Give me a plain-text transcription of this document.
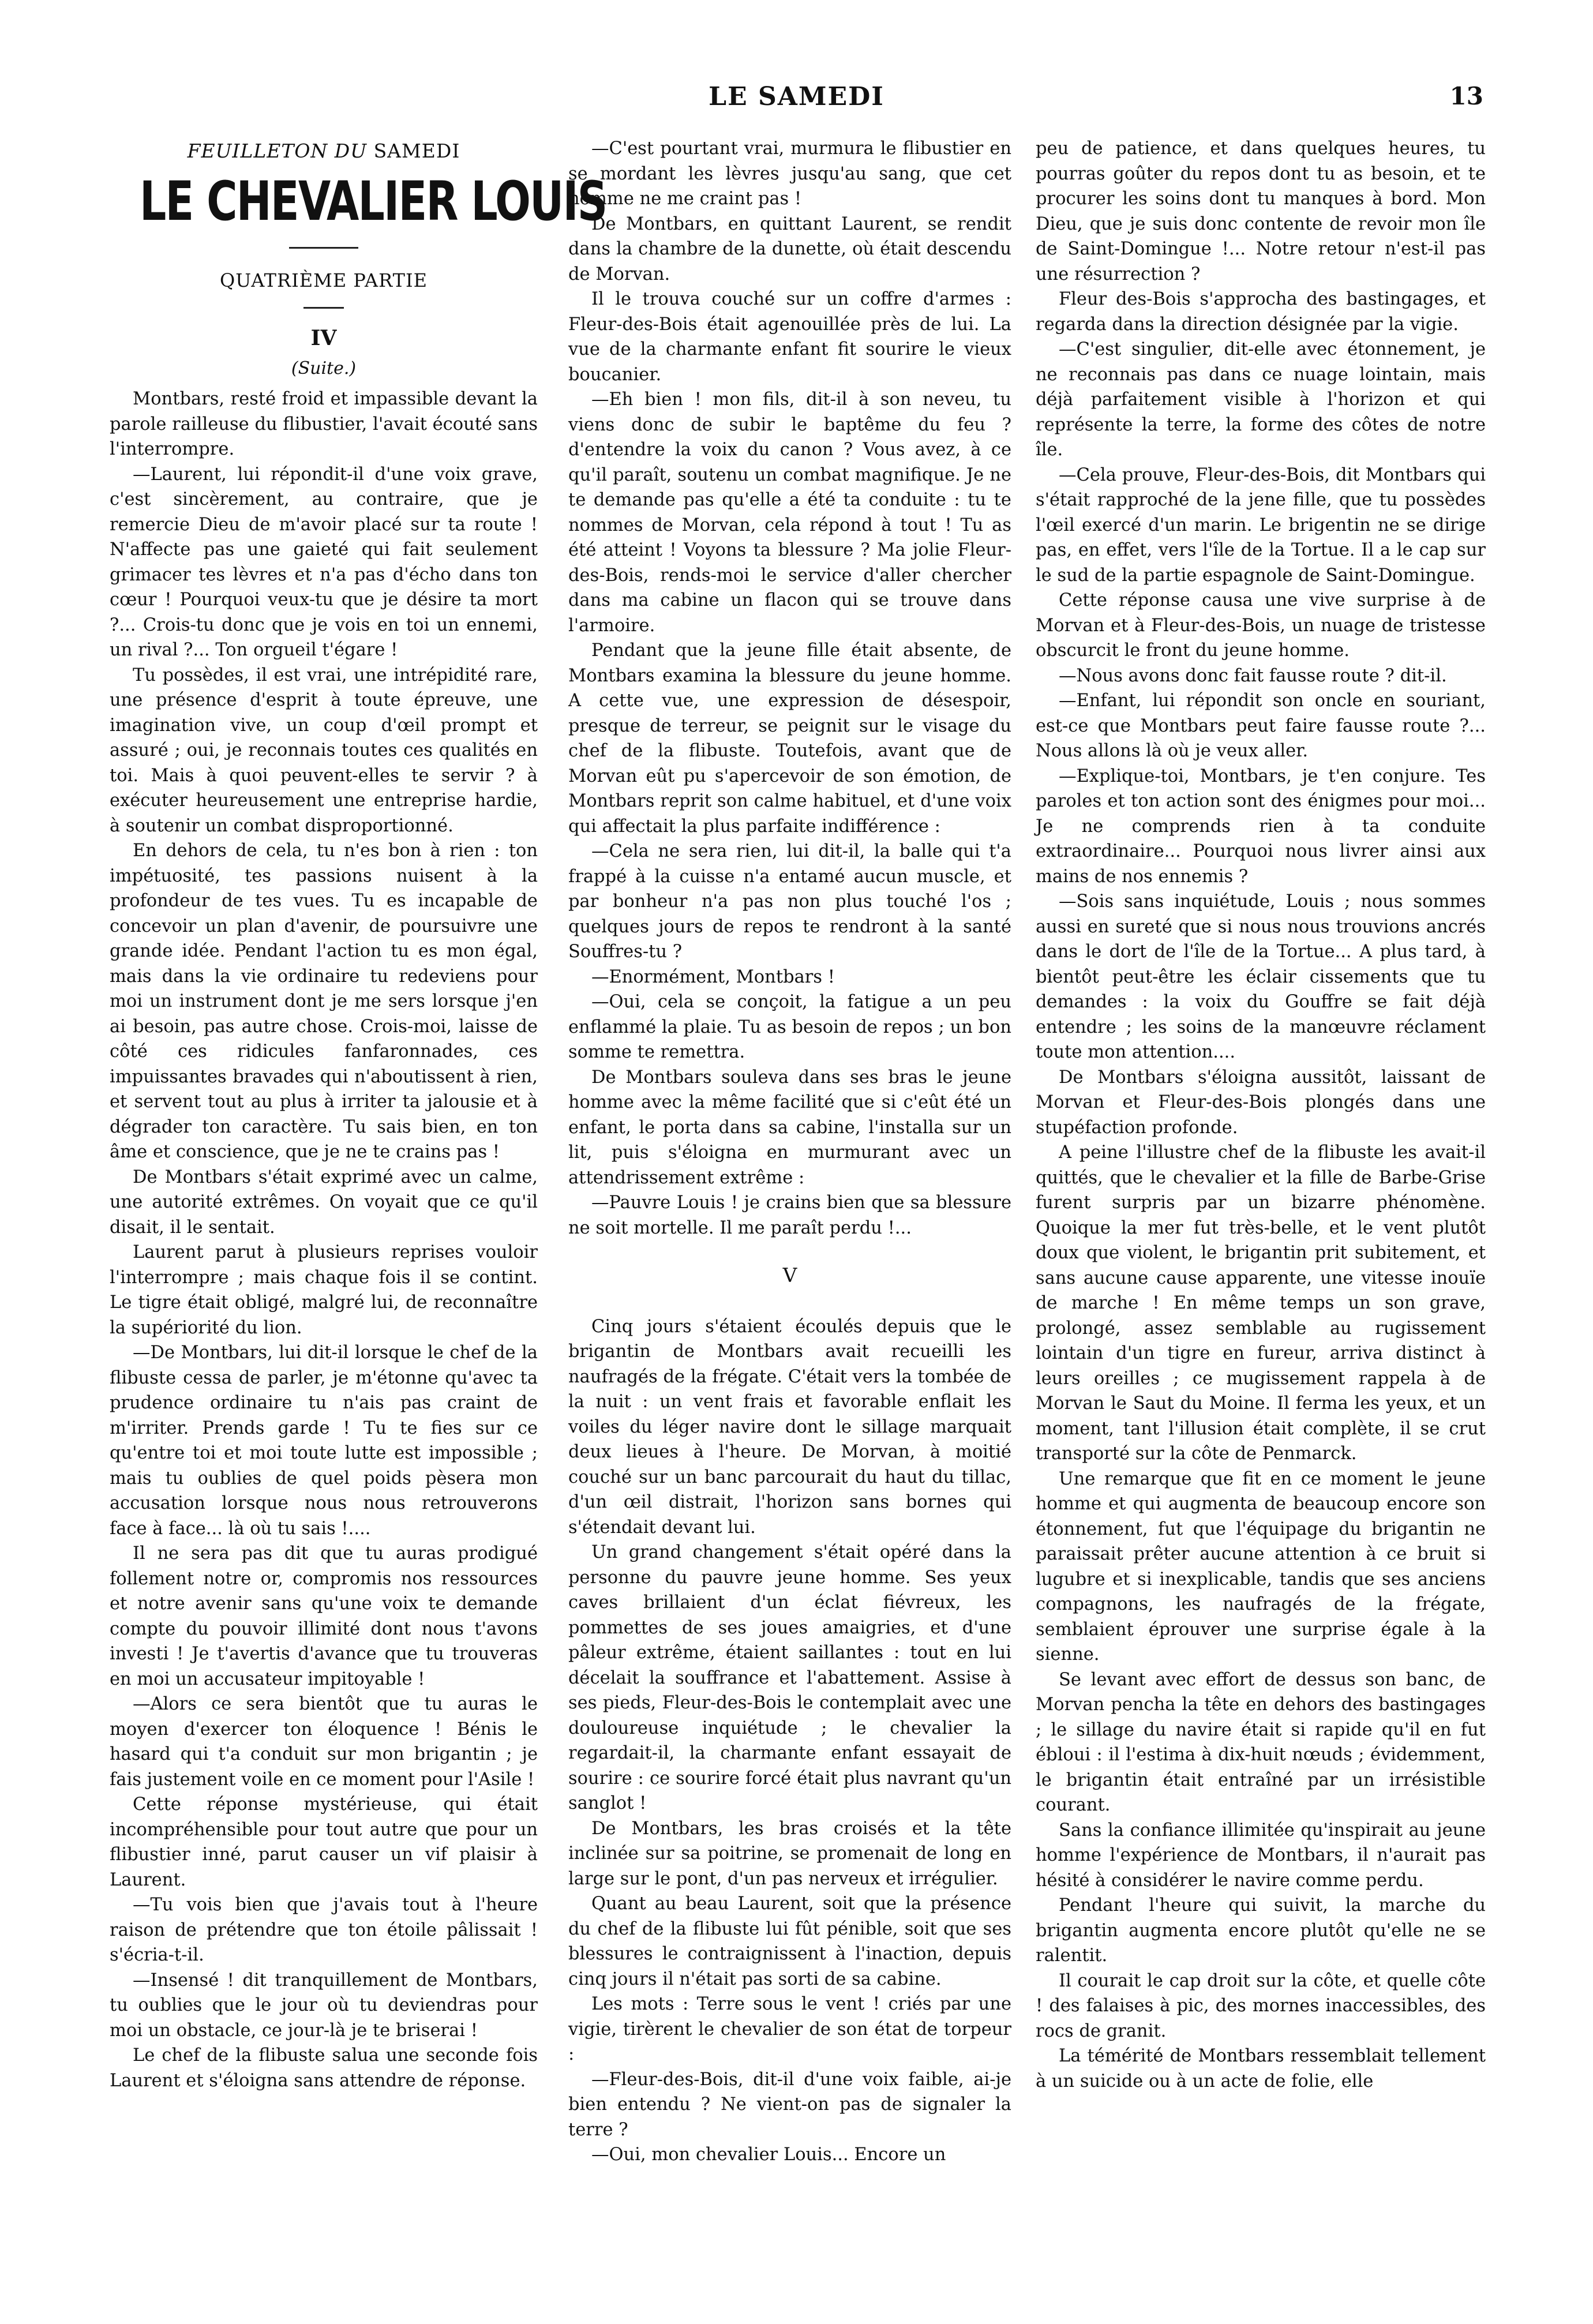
LE SAMEDI	13
FEUILLETON DU SAMEDI
LE CHEVALIER LOUIS
QUATRIÈME PARTIE
IV
(Suite.)

Montbars, resté froid et impassible devant la parole railleuse du flibustier, l'avait écouté sans l'interrompre.

—Laurent, lui répondit-il d'une voix grave, c'est sincèrement, au contraire, que je remercie Dieu de m'avoir placé sur ta route ! N'affecte pas une gaieté qui fait seulement grimacer tes lèvres et n'a pas d'écho dans ton cœur ! Pourquoi veux-tu que je désire ta mort ?... Crois-tu donc que je vois en toi un ennemi, un rival ?... Ton orgueil t'égare !

Tu possèdes, il est vrai, une intrépidité rare, une présence d'esprit à toute épreuve, une imagination vive, un coup d'œil prompt et assuré ; oui, je reconnais toutes ces qualités en toi. Mais à quoi peuvent-elles te servir ? à exécuter heureusement une entreprise hardie, à soutenir un combat disproportionné.

En dehors de cela, tu n'es bon à rien : ton impétuosité, tes passions nuisent à la profondeur de tes vues. Tu es incapable de concevoir un plan d'avenir, de poursuivre une grande idée. Pendant l'action tu es mon égal, mais dans la vie ordinaire tu redeviens pour moi un instrument dont je me sers lorsque j'en ai besoin, pas autre chose. Crois-moi, laisse de côté ces ridicules fanfaronnades, ces impuissantes bravades qui n'aboutissent à rien, et servent tout au plus à irriter ta jalousie et à dégrader ton caractère. Tu sais bien, en ton âme et conscience, que je ne te crains pas !

De Montbars s'était exprimé avec un calme, une autorité extrêmes. On voyait que ce qu'il disait, il le sentait.

Laurent parut à plusieurs reprises vouloir l'interrompre ; mais chaque fois il se contint. Le tigre était obligé, malgré lui, de reconnaître la supériorité du lion.

—De Montbars, lui dit-il lorsque le chef de la flibuste cessa de parler, je m'étonne qu'avec ta prudence ordinaire tu n'ais pas craint de m'irriter. Prends garde ! Tu te fies sur ce qu'entre toi et moi toute lutte est impossible ; mais tu oublies de quel poids pèsera mon accusation lorsque nous nous retrouverons face à face... là où tu sais !....

Il ne sera pas dit que tu auras prodigué follement notre or, compromis nos ressources et notre avenir sans qu'une voix te demande compte du pouvoir illimité dont nous t'avons investi ! Je t'avertis d'avance que tu trouveras en moi un accusateur impitoyable !

—Alors ce sera bientôt que tu auras le moyen d'exercer ton éloquence ! Bénis le hasard qui t'a conduit sur mon brigantin ; je fais justement voile en ce moment pour l'Asile !

Cette réponse mystérieuse, qui était incompréhensible pour tout autre que pour un flibustier inné, parut causer un vif plaisir à Laurent.

—Tu vois bien que j'avais tout à l'heure raison de prétendre que ton étoile pâlissait ! s'écria-t-il.

—Insensé ! dit tranquillement de Montbars, tu oublies que le jour où tu deviendras pour moi un obstacle, ce jour-là je te briserai !

Le chef de la flibuste salua une seconde fois Laurent et s'éloigna sans attendre de réponse.

—C'est pourtant vrai, murmura le flibustier en se mordant les lèvres jusqu'au sang, que cet homme ne me craint pas !

De Montbars, en quittant Laurent, se rendit dans la chambre de la dunette, où était descendu de Morvan.

Il le trouva couché sur un coffre d'armes : Fleur-des-Bois était agenouillée près de lui. La vue de la charmante enfant fit sourire le vieux boucanier.

—Eh bien ! mon fils, dit-il à son neveu, tu viens donc de subir le baptême du feu ? d'entendre la voix du canon ? Vous avez, à ce qu'il paraît, soutenu un combat magnifique. Je ne te demande pas qu'elle a été ta conduite : tu te nommes de Morvan, cela répond à tout ! Tu as été atteint ! Voyons ta blessure ? Ma jolie Fleur-des-Bois, rends-moi le service d'aller chercher dans ma cabine un flacon qui se trouve dans l'armoire.

Pendant que la jeune fille était absente, de Montbars examina la blessure du jeune homme. A cette vue, une expression de désespoir, presque de terreur, se peignit sur le visage du chef de la flibuste. Toutefois, avant que de Morvan eût pu s'apercevoir de son émotion, de Montbars reprit son calme habituel, et d'une voix qui affectait la plus parfaite indifférence :

—Cela ne sera rien, lui dit-il, la balle qui t'a frappé à la cuisse n'a entamé aucun muscle, et par bonheur n'a pas non plus touché l'os ; quelques jours de repos te rendront à la santé Souffres-tu ?

—Enormément, Montbars !

—Oui, cela se conçoit, la fatigue a un peu enflammé la plaie. Tu as besoin de repos ; un bon somme te remettra.

De Montbars souleva dans ses bras le jeune homme avec la même facilité que si c'eût été un enfant, le porta dans sa cabine, l'installa sur un lit, puis s'éloigna en murmurant avec un attendrissement extrême :

—Pauvre Louis ! je crains bien que sa blessure ne soit mortelle. Il me paraît perdu !...

V

Cinq jours s'étaient écoulés depuis que le brigantin de Montbars avait recueilli les naufragés de la frégate. C'était vers la tombée de la nuit : un vent frais et favorable enflait les voiles du léger navire dont le sillage marquait deux lieues à l'heure. De Morvan, à moitié couché sur un banc parcourait du haut du tillac, d'un œil distrait, l'horizon sans bornes qui s'étendait devant lui.

Un grand changement s'était opéré dans la personne du pauvre jeune homme. Ses yeux caves brillaient d'un éclat fiévreux, les pommettes de ses joues amaigries, et d'une pâleur extrême, étaient saillantes : tout en lui décelait la souffrance et l'abattement. Assise à ses pieds, Fleur-des-Bois le contemplait avec une douloureuse inquiétude ; le chevalier la regardait-il, la charmante enfant essayait de sourire : ce sourire forcé était plus navrant qu'un sanglot !

De Montbars, les bras croisés et la tête inclinée sur sa poitrine, se promenait de long en large sur le pont, d'un pas nerveux et irrégulier.

Quant au beau Laurent, soit que la présence du chef de la flibuste lui fût pénible, soit que ses blessures le contraignissent à l'inaction, depuis cinq jours il n'était pas sorti de sa cabine.

Les mots : Terre sous le vent ! criés par une vigie, tirèrent le chevalier de son état de torpeur :

—Fleur-des-Bois, dit-il d'une voix faible, ai-je bien entendu ? Ne vient-on pas de signaler la terre ?

—Oui, mon chevalier Louis... Encore un

peu de patience, et dans quelques heures, tu pourras goûter du repos dont tu as besoin, et te procurer les soins dont tu manques à bord. Mon Dieu, que je suis donc contente de revoir mon île de Saint-Domingue !... Notre retour n'est-il pas une résurrection ?

Fleur des-Bois s'approcha des bastingages, et regarda dans la direction désignée par la vigie.

—C'est singulier, dit-elle avec étonnement, je ne reconnais pas dans ce nuage lointain, mais déjà parfaitement visible à l'horizon et qui représente la terre, la forme des côtes de notre île.

—Cela prouve, Fleur-des-Bois, dit Montbars qui s'était rapproché de la jene fille, que tu possèdes l'œil exercé d'un marin. Le brigentin ne se dirige pas, en effet, vers l'île de la Tortue. Il a le cap sur le sud de la partie espagnole de Saint-Domingue.

Cette réponse causa une vive surprise à de Morvan et à Fleur-des-Bois, un nuage de tristesse obscurcit le front du jeune homme.

—Nous avons donc fait fausse route ? dit-il.

—Enfant, lui répondit son oncle en souriant, est-ce que Montbars peut faire fausse route ?... Nous allons là où je veux aller.

—Explique-toi, Montbars, je t'en conjure. Tes paroles et ton action sont des énigmes pour moi... Je ne comprends rien à ta conduite extraordinaire... Pourquoi nous livrer ainsi aux mains de nos ennemis ?

—Sois sans inquiétude, Louis ; nous sommes aussi en sureté que si nous nous trouvions ancrés dans le dort de l'île de la Tortue... A plus tard, à bientôt peut-être les éclair cissements que tu demandes : la voix du Gouffre se fait déjà entendre ; les soins de la manœuvre réclament toute mon attention....

De Montbars s'éloigna aussitôt, laissant de Morvan et Fleur-des-Bois plongés dans une stupéfaction profonde.

A peine l'illustre chef de la flibuste les avait-il quittés, que le chevalier et la fille de Barbe-Grise furent surpris par un bizarre phénomène. Quoique la mer fut très-belle, et le vent plutôt doux que violent, le brigantin prit subitement, et sans aucune cause apparente, une vitesse inouïe de marche ! En même temps un son grave, prolongé, assez semblable au rugissement lointain d'un tigre en fureur, arriva distinct à leurs oreilles ; ce mugissement rappela à de Morvan le Saut du Moine. Il ferma les yeux, et un moment, tant l'illusion était complète, il se crut transporté sur la côte de Penmarck.

Une remarque que fit en ce moment le jeune homme et qui augmenta de beaucoup encore son étonnement, fut que l'équipage du brigantin ne paraissait prêter aucune attention à ce bruit si lugubre et si inexplicable, tandis que ses anciens compagnons, les naufragés de la frégate, semblaient éprouver une surprise égale à la sienne.

Se levant avec effort de dessus son banc, de Morvan pencha la tête en dehors des bastingages ; le sillage du navire était si rapide qu'il en fut ébloui : il l'estima à dix-huit nœuds ; évidemment, le brigantin était entraîné par un irrésistible courant.

Sans la confiance illimitée qu'inspirait au jeune homme l'expérience de Montbars, il n'aurait pas hésité à considérer le navire comme perdu.

Pendant l'heure qui suivit, la marche du brigantin augmenta encore plutôt qu'elle ne se ralentit.

Il courait le cap droit sur la côte, et quelle côte ! des falaises à pic, des mornes inaccessibles, des rocs de granit.

La témérité de Montbars ressemblait tellement à un suicide ou à un acte de folie, elle
